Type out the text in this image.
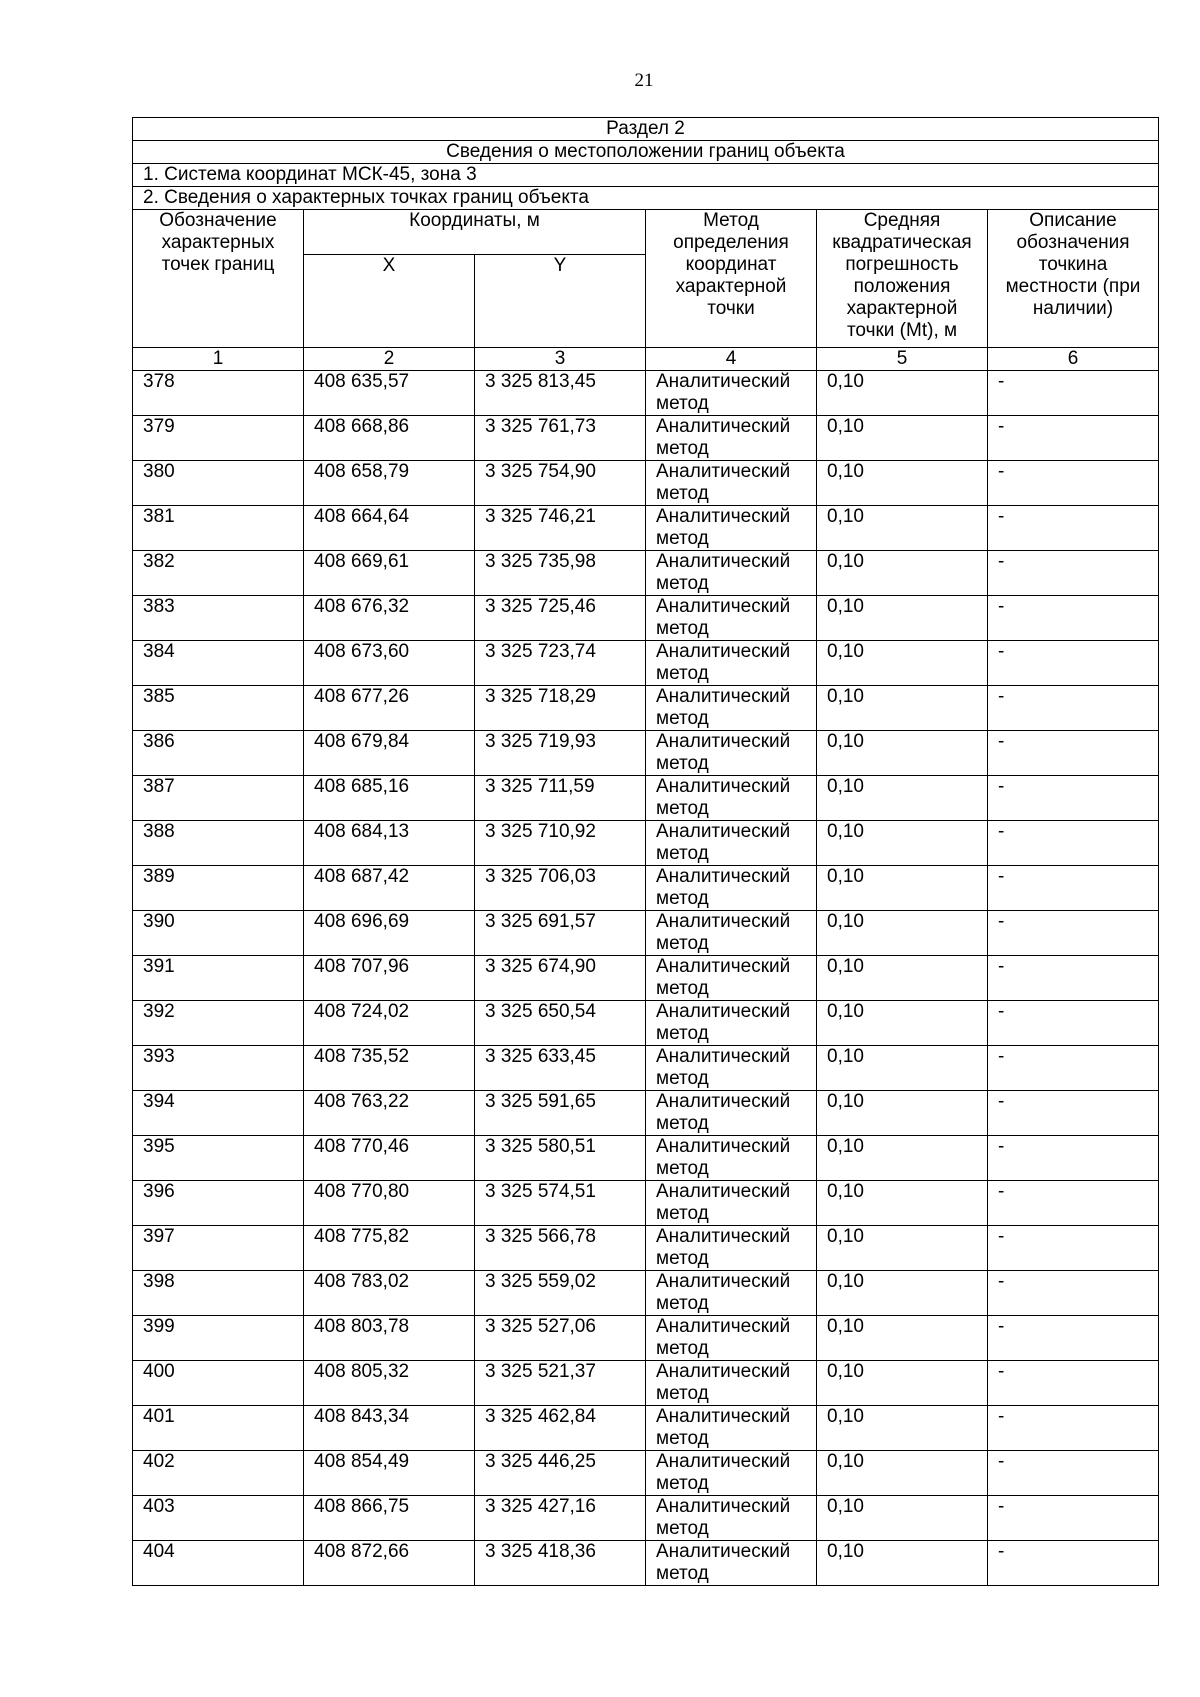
21
Раздел 2					
Сведения о местоположении границ объекта					
1. Система координат МСК-45, зона 3					
2. Сведения о характерных точках границ объекта					
Обозначение характерных точек границ	Координаты, м		Метод определения координат характерной точки	Средняя квадратическая погрешность положения характерной точки (Mt), м	Описание обозначения точкина местности (при наличии)
	X	Y			
1	2	3	4	5	6
378	408 635,57	3 325 813,45	Аналитический метод	0,10	-
379	408 668,86	3 325 761,73	Аналитический метод	0,10	-
380	408 658,79	3 325 754,90	Аналитический метод	0,10	-
381	408 664,64	3 325 746,21	Аналитический метод	0,10	-
382	408 669,61	3 325 735,98	Аналитический метод	0,10	-
383	408 676,32	3 325 725,46	Аналитический метод	0,10	-
384	408 673,60	3 325 723,74	Аналитический метод	0,10	-
385	408 677,26	3 325 718,29	Аналитический метод	0,10	-
386	408 679,84	3 325 719,93	Аналитический метод	0,10	-
387	408 685,16	3 325 711,59	Аналитический метод	0,10	-
388	408 684,13	3 325 710,92	Аналитический метод	0,10	-
389	408 687,42	3 325 706,03	Аналитический метод	0,10	-
390	408 696,69	3 325 691,57	Аналитический метод	0,10	-
391	408 707,96	3 325 674,90	Аналитический метод	0,10	-
392	408 724,02	3 325 650,54	Аналитический метод	0,10	-
393	408 735,52	3 325 633,45	Аналитический метод	0,10	-
394	408 763,22	3 325 591,65	Аналитический метод	0,10	-
395	408 770,46	3 325 580,51	Аналитический метод	0,10	-
396	408 770,80	3 325 574,51	Аналитический метод	0,10	-
397	408 775,82	3 325 566,78	Аналитический метод	0,10	-
398	408 783,02	3 325 559,02	Аналитический метод	0,10	-
399	408 803,78	3 325 527,06	Аналитический метод	0,10	-
400	408 805,32	3 325 521,37	Аналитический метод	0,10	-
401	408 843,34	3 325 462,84	Аналитический метод	0,10	-
402	408 854,49	3 325 446,25	Аналитический метод	0,10	-
403	408 866,75	3 325 427,16	Аналитический метод	0,10	-
404	408 872,66	3 325 418,36	Аналитический метод	0,10	-
